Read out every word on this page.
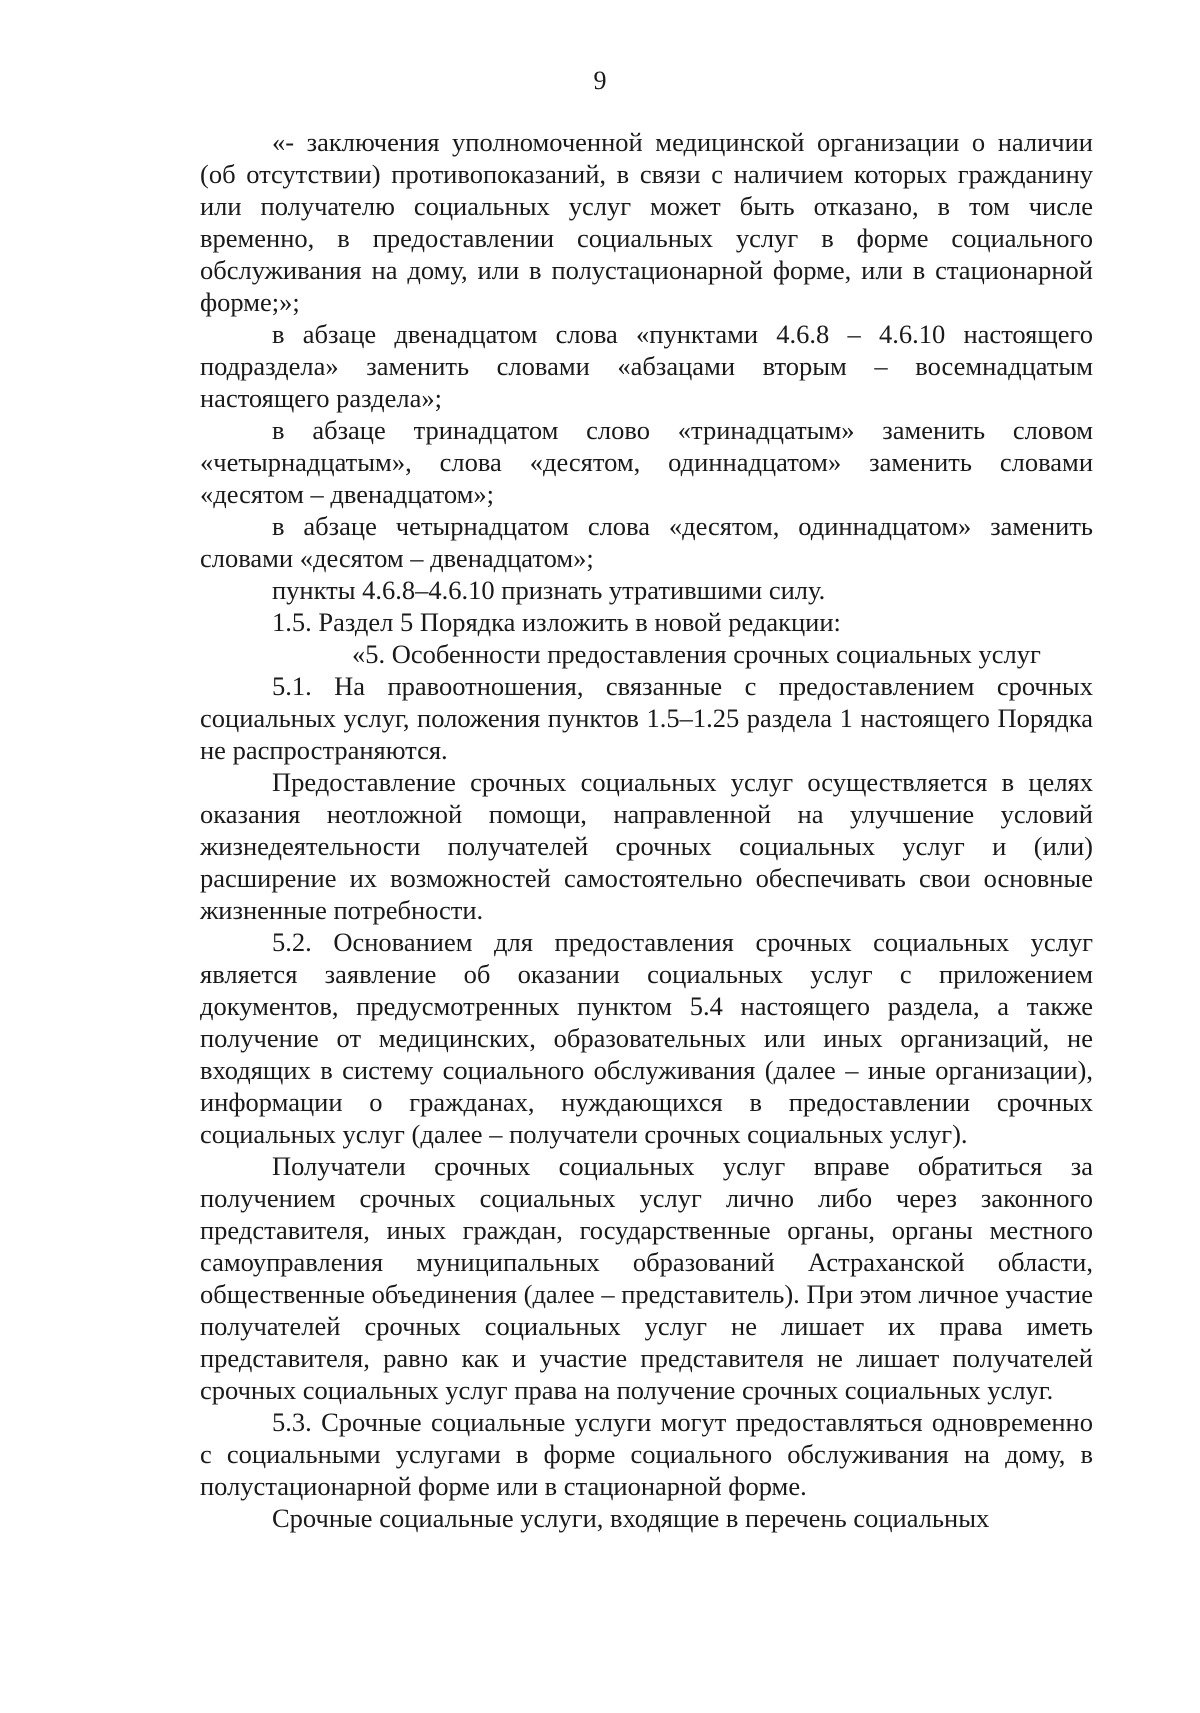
9

«- заключения уполномоченной медицинской организации о наличии (об отсутствии) противопоказаний, в связи с наличием которых гражданину или получателю социальных услуг может быть отказано, в том числе временно, в предоставлении социальных услуг в форме социального обслуживания на дому, или в полустационарной форме, или в стационарной форме;»;

в абзаце двенадцатом слова «пунктами 4.6.8 – 4.6.10 настоящего подраздела» заменить словами «абзацами вторым – восемнадцатым настоящего раздела»;

в абзаце тринадцатом слово «тринадцатым» заменить словом «четырнадцатым», слова «десятом, одиннадцатом» заменить словами «десятом – двенадцатом»;

в абзаце четырнадцатом слова «десятом, одиннадцатом» заменить словами «десятом – двенадцатом»;

пункты 4.6.8–4.6.10 признать утратившими силу.

1.5. Раздел 5 Порядка изложить в новой редакции:

«5. Особенности предоставления срочных социальных услуг

5.1. На правоотношения, связанные с предоставлением срочных социальных услуг, положения пунктов 1.5–1.25 раздела 1 настоящего Порядка не распространяются.

Предоставление срочных социальных услуг осуществляется в целях оказания неотложной помощи, направленной на улучшение условий жизнедеятельности получателей срочных социальных услуг и (или) расширение их возможностей самостоятельно обеспечивать свои основные жизненные потребности.

5.2. Основанием для предоставления срочных социальных услуг является заявление об оказании социальных услуг с приложением документов, предусмотренных пунктом 5.4 настоящего раздела, а также получение от медицинских, образовательных или иных организаций, не входящих в систему социального обслуживания (далее – иные организации), информации о гражданах, нуждающихся в предоставлении срочных социальных услуг (далее – получатели срочных социальных услуг).

Получатели срочных социальных услуг вправе обратиться за получением срочных социальных услуг лично либо через законного представителя, иных граждан, государственные органы, органы местного самоуправления муниципальных образований Астраханской области, общественные объединения (далее – представитель). При этом личное участие получателей срочных социальных услуг не лишает их права иметь представителя, равно как и участие представителя не лишает получателей срочных социальных услуг права на получение срочных социальных услуг.

5.3. Срочные социальные услуги могут предоставляться одновременно с социальными услугами в форме социального обслуживания на дому, в полустационарной форме или в стационарной форме.

Срочные социальные услуги, входящие в перечень социальных
